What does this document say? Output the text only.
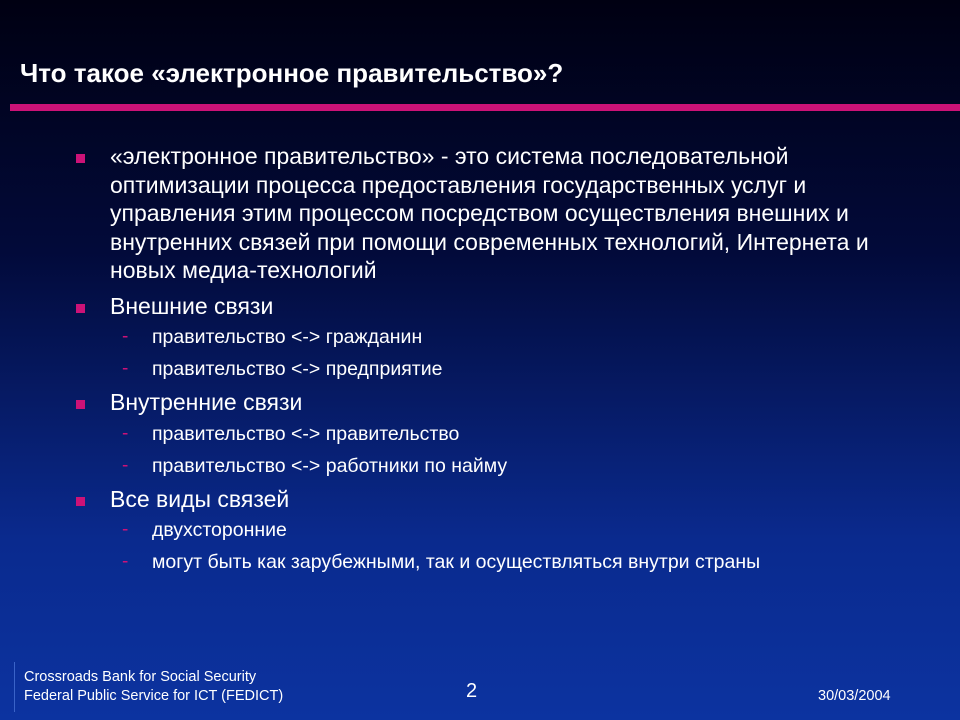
Что такое «электронное правительство»?
«электронное правительство» - это система последовательной оптимизации процесса предоставления государственных услуг и управления этим процессом посредством осуществления внешних и внутренних связей при помощи современных технологий, Интернета и новых медиа-технологий
Внешние связи
- правительство <-> гражданин
- правительство <-> предприятие
Внутренние связи
- правительство <-> правительство
- правительство <-> работники по найму
Все виды связей
- двухсторонние
- могут быть как зарубежными, так и осуществляться внутри страны
Crossroads Bank for Social Security
Federal Public Service for ICT (FEDICT)	2	30/03/2004
